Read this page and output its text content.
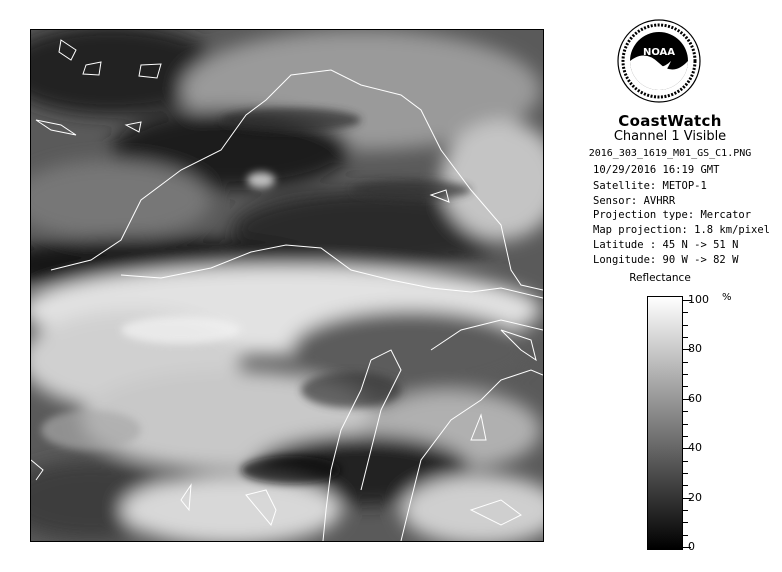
NOAA
CoastWatch
Channel 1 Visible
2016_303_1619_M01_GS_C1.PNG
10/29/2016 16:19 GMT
Satellite: METOP-1
Sensor: AVHRR
Projection type: Mercator
Map projection: 1.8 km/pixel
Latitude : 45 N -> 51 N
Longitude: 90 W -> 82 W
Reflectance
%
100
80
60
40
20
0
